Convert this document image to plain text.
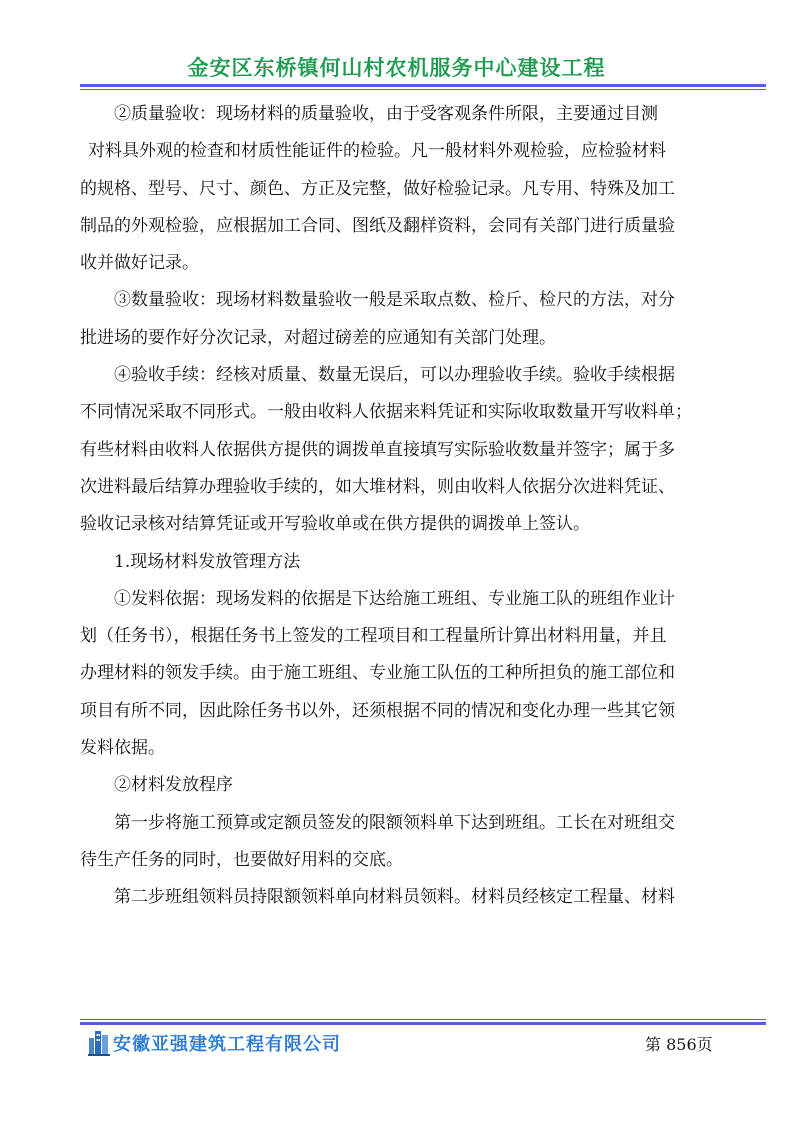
金安区东桥镇何山村农机服务中心建设工程

②质量验收：现场材料的质量验收，由于受客观条件所限，主要通过目测
对料具外观的检查和材质性能证件的检验。凡一般材料外观检验，应检验材料
的规格、型号、尺寸、颜色、方正及完整，做好检验记录。凡专用、特殊及加工
制品的外观检验，应根据加工合同、图纸及翻样资料，会同有关部门进行质量验
收并做好记录。

③数量验收：现场材料数量验收一般是采取点数、检斤、检尺的方法，对分
批进场的要作好分次记录，对超过磅差的应通知有关部门处理。

④验收手续：经核对质量、数量无误后，可以办理验收手续。验收手续根据
不同情况采取不同形式。一般由收料人依据来料凭证和实际收取数量开写收料单；
有些材料由收料人依据供方提供的调拨单直接填写实际验收数量并签字；属于多
次进料最后结算办理验收手续的，如大堆材料，则由收料人依据分次进料凭证、
验收记录核对结算凭证或开写验收单或在供方提供的调拨单上签认。

1.现场材料发放管理方法

①发料依据：现场发料的依据是下达给施工班组、专业施工队的班组作业计
划（任务书），根据任务书上签发的工程项目和工程量所计算出材料用量，并且
办理材料的领发手续。由于施工班组、专业施工队伍的工种所担负的施工部位和
项目有所不同，因此除任务书以外，还须根据不同的情况和变化办理一些其它领
发料依据。

②材料发放程序

第一步将施工预算或定额员签发的限额领料单下达到班组。工长在对班组交
待生产任务的同时，也要做好用料的交底。

第二步班组领料员持限额领料单向材料员领料。材料员经核定工程量、材料

安徽亚强建筑工程有限公司	第 856页
